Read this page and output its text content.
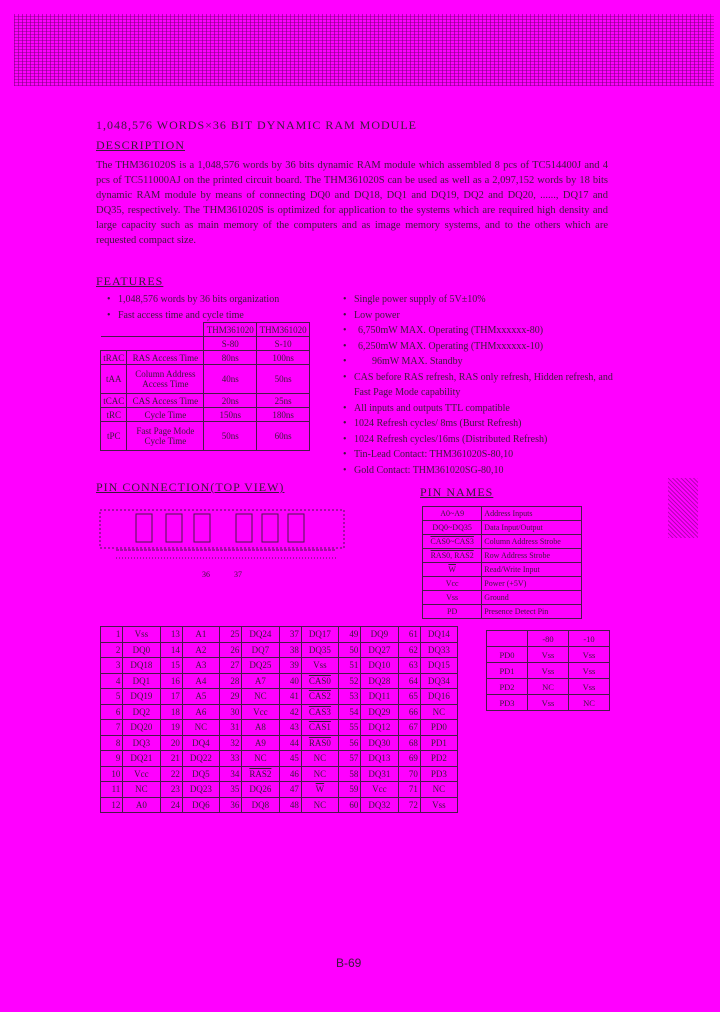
1,048,576 WORDS×36 BIT DYNAMIC RAM MODULE
DESCRIPTION
The THM361020S is a 1,048,576 words by 36 bits dynamic RAM module which assembled 8 pcs of TC514400J and 4 pcs of TC511000AJ on the printed circuit board. The THM361020S can be used as well as a 2,097,152 words by 18 bits dynamic RAM module by means of connecting DQ0 and DQ18, DQ1 and DQ19, DQ2 and DQ20, ......, DQ17 and DQ35, respectively. The THM361020S is optimized for application to the systems which are required high density and large capacity such as main memory of the computers and as image memory systems, and to the others which are requested compact size.
FEATURES
• 1,048,576 words by 36 bits organization
• Fast access time and cycle time
		THM361020	THM361020
		S-80	S-10
tRAC	RAS Access Time	80ns	100ns
tAA	Column Address Access Time	40ns	50ns
tCAC	CAS Access Time	20ns	25ns
tRC	Cycle Time	150ns	180ns
tPC	Fast Page Mode Cycle Time	50ns	60ns
• Single power supply of 5V±10%
• Low power
• 6,750mW MAX. Operating (THMxxxxxx-80)
• 6,250mW MAX. Operating (THMxxxxxx-10)
• 96mW MAX. Standby
• CAS before RAS refresh, RAS only refresh, Hidden refresh, and Fast Page Mode capability
• All inputs and outputs TTL compatible
• 1024 Refresh cycles/ 8ms (Burst Refresh)
• 1024 Refresh cycles/16ms (Distributed Refresh)
• Tin-Lead Contact: THM361020S-80,10
• Gold Contact: THM361020SG-80,10
PIN CONNECTION(TOP VIEW)
36	37
PIN NAMES
A0~A9	Address Inputs
DQ0~DQ35	Data Input/Output
CAS0~CAS3	Column Address Strobe
RAS0, RAS2	Row Address Strobe
$\overline{W}$	Read/Write Input
Vcc	Power (+5V)
Vss	Ground
PD	Presence Detect Pin
1	Vss	13	A1	25	DQ24	37	DQ17	49	DQ9	61	DQ14
2	DQ0	14	A2	26	DQ7	38	DQ35	50	DQ27	62	DQ33
3	DQ18	15	A3	27	DQ25	39	Vss	51	DQ10	63	DQ15
4	DQ1	16	A4	28	A7	40	CAS0	52	DQ28	64	DQ34
5	DQ19	17	A5	29	NC	41	CAS2	53	DQ11	65	DQ16
6	DQ2	18	A6	30	Vcc	42	CAS3	54	DQ29	66	NC
7	DQ20	19	NC	31	A8	43	CAS1	55	DQ12	67	PD0
8	DQ3	20	DQ4	32	A9	44	RAS0	56	DQ30	68	PD1
9	DQ21	21	DQ22	33	NC	45	NC	57	DQ13	69	PD2
10	Vcc	22	DQ5	34	RAS2	46	NC	58	DQ31	70	PD3
11	NC	23	DQ23	35	DQ26	47	$\overline{W}$	59	Vcc	71	NC
12	A0	24	DQ6	36	DQ8	48	NC	60	DQ32	72	Vss
	-80	-10
PD0	Vss	Vss
PD1	Vss	Vss
PD2	NC	Vss
PD3	Vss	NC
B-69
